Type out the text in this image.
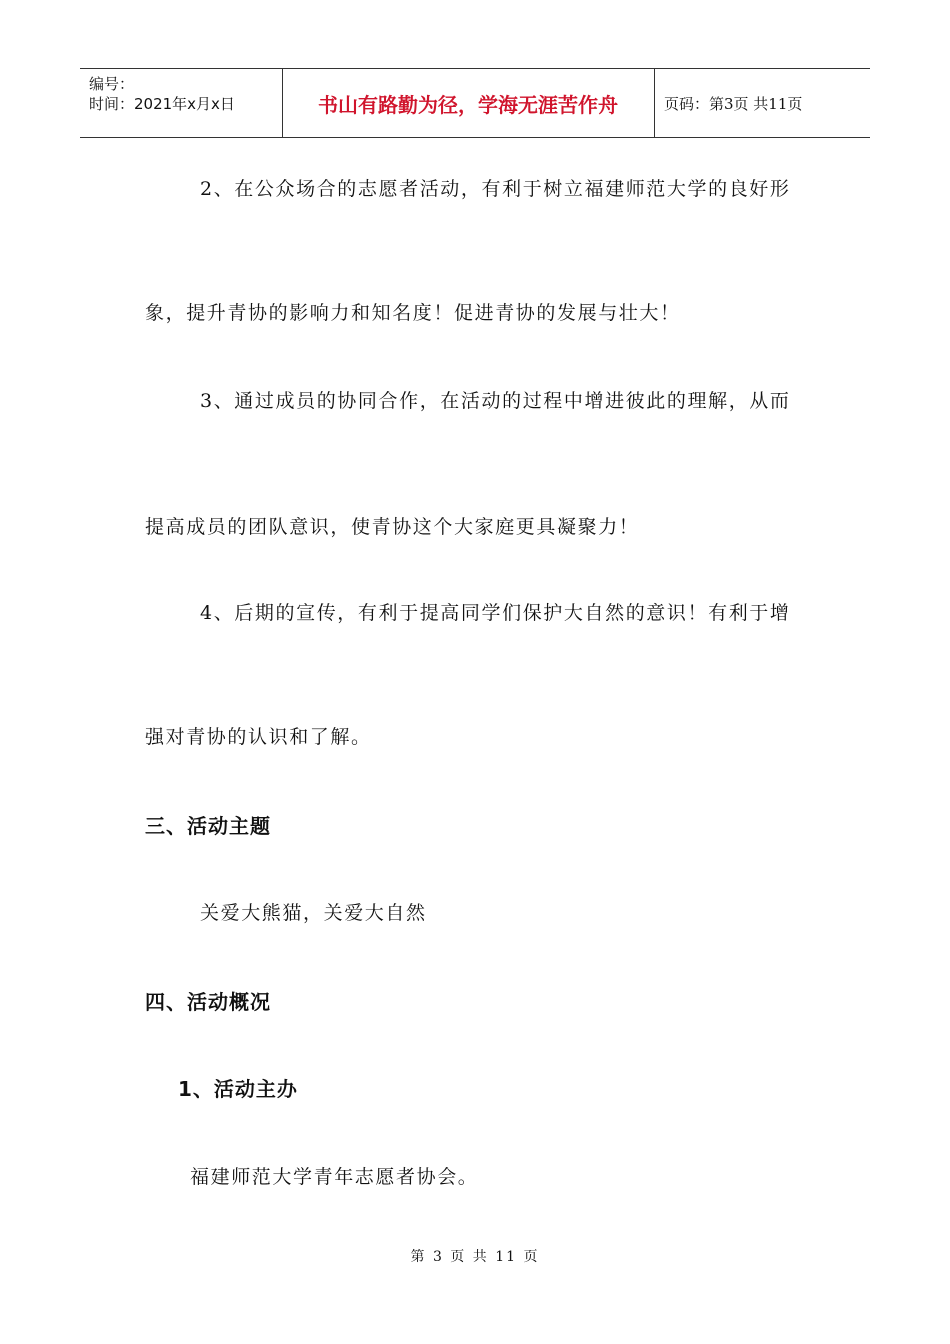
编号：
时间：2021年x月x日	书山有路勤为径，学海无涯苦作舟	页码：第3页 共11页
2、在公众场合的志愿者活动，有利于树立福建师范大学的良好形
象，提升青协的影响力和知名度！促进青协的发展与壮大！
3、通过成员的协同合作，在活动的过程中增进彼此的理解，从而
提高成员的团队意识，使青协这个大家庭更具凝聚力！
4、后期的宣传，有利于提高同学们保护大自然的意识！有利于增
强对青协的认识和了解。
三、活动主题
关爱大熊猫，关爱大自然
四、活动概况
1、活动主办
福建师范大学青年志愿者协会。
第 3 页 共 11 页
